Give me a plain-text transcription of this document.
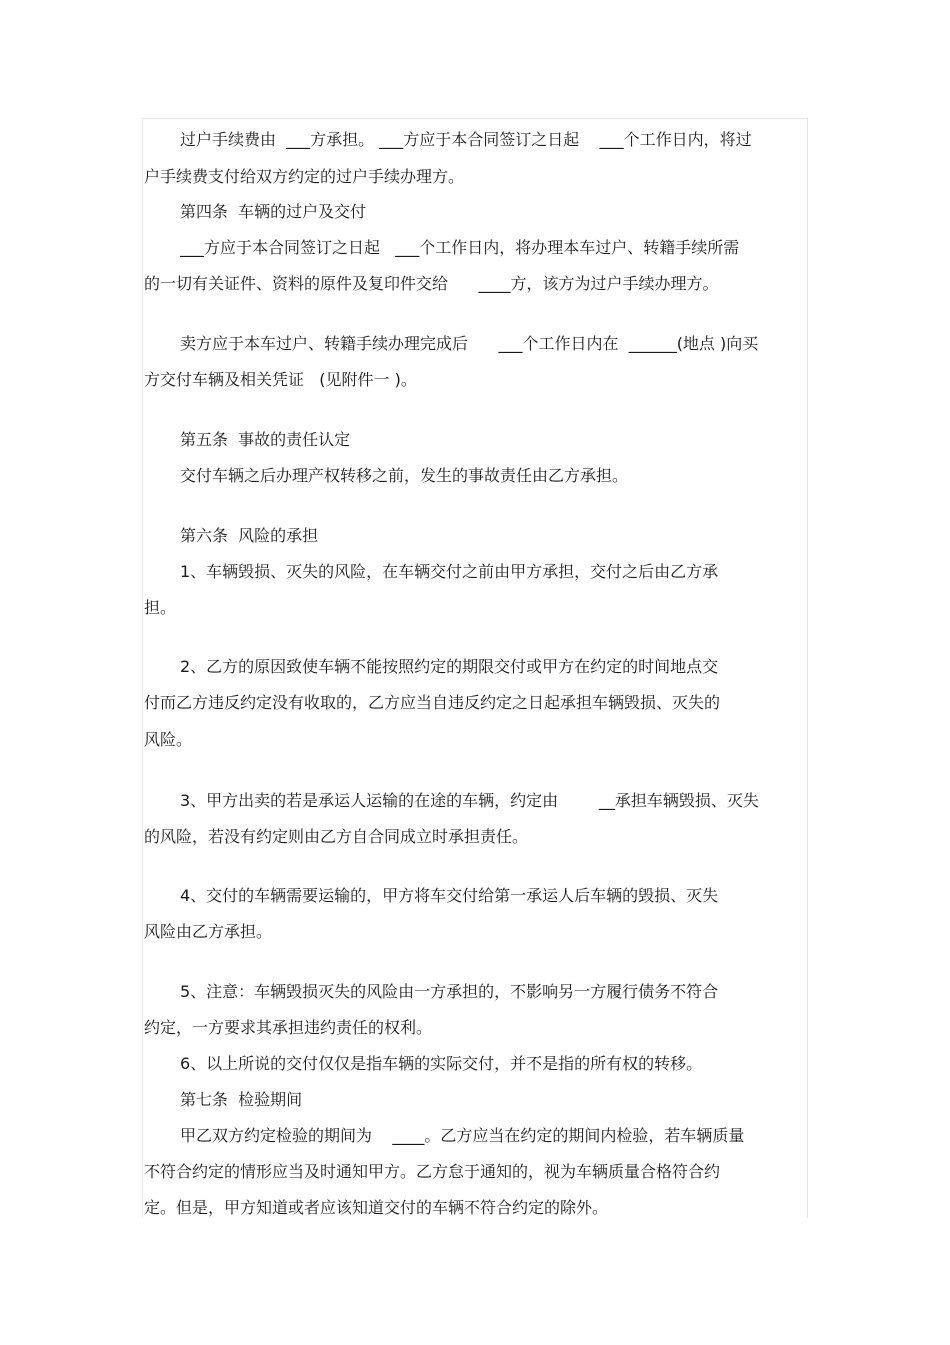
过户手续费由  ___方承担。 ___方应于本合同签订之日起    ___个工作日内，将过
户手续费支付给双方约定的过户手续办理方。
第四条  车辆的过户及交付
___方应于本合同签订之日起   ___个工作日内，将办理本车过户、转籍手续所需
的一切有关证件、资料的原件及复印件交给      ____方，该方为过户手续办理方。
卖方应于本车过户、转籍手续办理完成后      ___个工作日内在  ______(地点 )向买
方交付车辆及相关凭证   (见附件一 )。
第五条  事故的责任认定
交付车辆之后办理产权转移之前，发生的事故责任由乙方承担。
第六条  风险的承担
1、车辆毁损、灭失的风险，在车辆交付之前由甲方承担，交付之后由乙方承
担。
2、乙方的原因致使车辆不能按照约定的期限交付或甲方在约定的时间地点交
付而乙方违反约定没有收取的，乙方应当自违反约定之日起承担车辆毁损、灭失的
风险。
3、甲方出卖的若是承运人运输的在途的车辆，约定由        __承担车辆毁损、灭失
的风险，若没有约定则由乙方自合同成立时承担责任。
4、交付的车辆需要运输的，甲方将车交付给第一承运人后车辆的毁损、灭失
风险由乙方承担。
5、注意：车辆毁损灭失的风险由一方承担的，不影响另一方履行债务不符合
约定，一方要求其承担违约责任的权利。
6、以上所说的交付仅仅是指车辆的实际交付，并不是指的所有权的转移。
第七条  检验期间
甲乙双方约定检验的期间为    ____。乙方应当在约定的期间内检验，若车辆质量
不符合约定的情形应当及时通知甲方。乙方怠于通知的，视为车辆质量合格符合约
定。但是，甲方知道或者应该知道交付的车辆不符合约定的除外。
